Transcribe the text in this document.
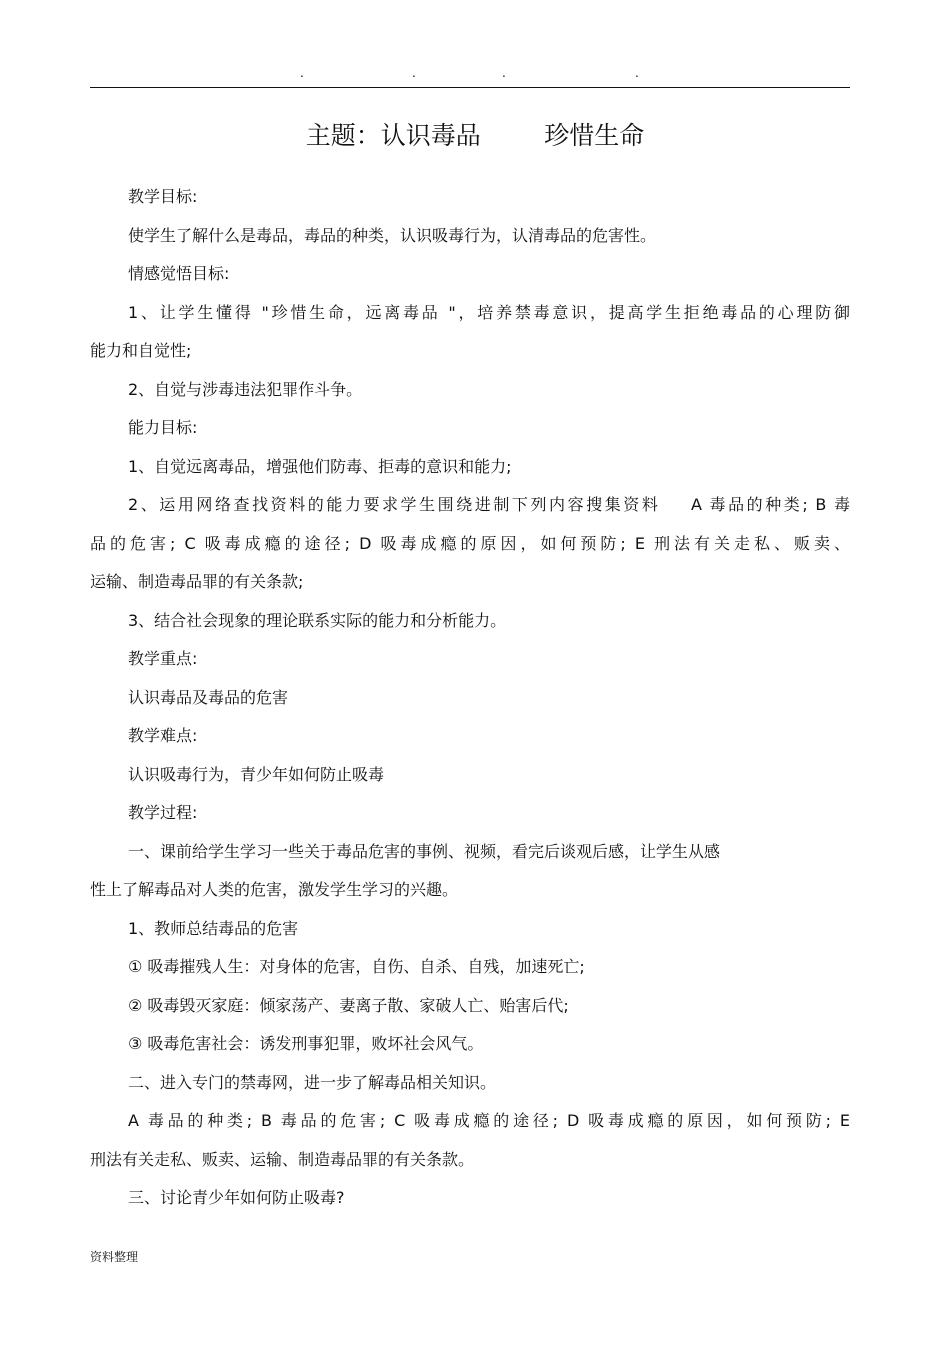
.	.	.	.
主题：认识毒品        珍惜生命
教学目标:
使学生了解什么是毒品，毒品的种类，认识吸毒行为，认清毒品的危害性。
情感觉悟目标:
1、让学生懂得 "珍惜生命，远离毒品 "，培养禁毒意识，提高学生拒绝毒品的心理防御
能力和自觉性;
2、自觉与涉毒违法犯罪作斗争。
能力目标:
1、自觉远离毒品，增强他们防毒、拒毒的意识和能力;
2、运用网络查找资料的能力要求学生围绕进制下列内容搜集资料    A 毒品的种类; B 毒
品的危害; C 吸毒成瘾的途径; D 吸毒成瘾的原因，如何预防; E 刑法有关走私、贩卖、
运输、制造毒品罪的有关条款;
3、结合社会现象的理论联系实际的能力和分析能力。
教学重点:
认识毒品及毒品的危害
教学难点:
认识吸毒行为，青少年如何防止吸毒
教学过程:
一、课前给学生学习一些关于毒品危害的事例、视频，看完后谈观后感，让学生从感
性上了解毒品对人类的危害，激发学生学习的兴趣。
1、教师总结毒品的危害
① 吸毒摧残人生：对身体的危害，自伤、自杀、自残，加速死亡;
② 吸毒毁灭家庭：倾家荡产、妻离子散、家破人亡、贻害后代;
③ 吸毒危害社会：诱发刑事犯罪，败坏社会风气。
二、进入专门的禁毒网，进一步了解毒品相关知识。
A 毒品的种类; B 毒品的危害; C 吸毒成瘾的途径; D 吸毒成瘾的原因，如何预防; E
刑法有关走私、贩卖、运输、制造毒品罪的有关条款。
三、讨论青少年如何防止吸毒?
资料整理
